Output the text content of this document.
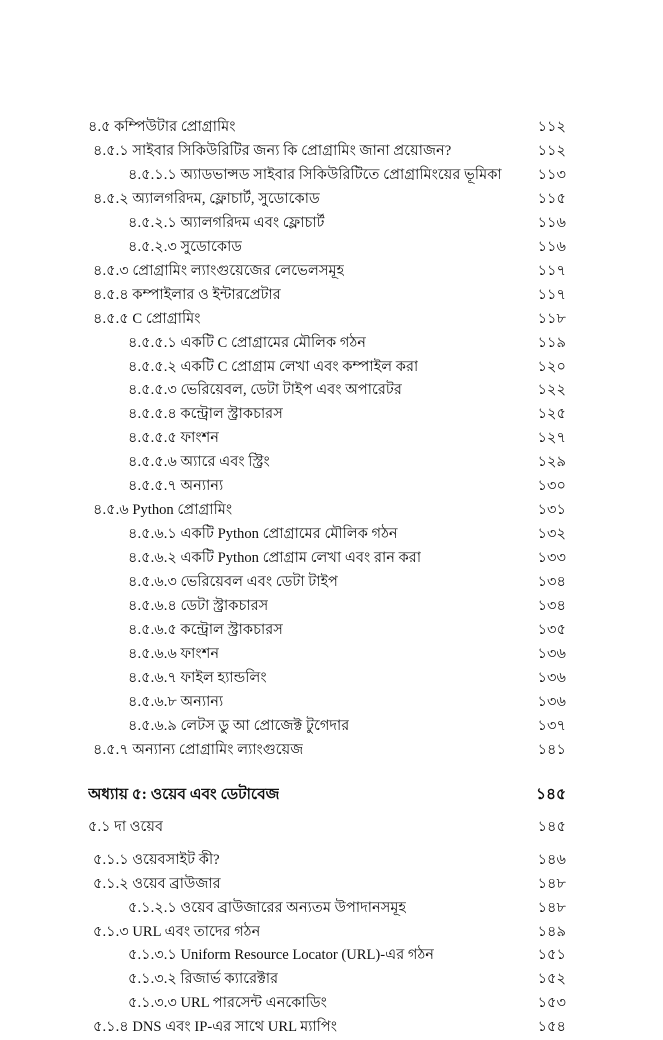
৪.৫ কম্পিউটার প্রোগ্রামিং	১১২
৪.৫.১ সাইবার সিকিউরিটির জন্য কি প্রোগ্রামিং জানা প্রয়োজন?	১১২
৪.৫.১.১ অ্যাডভান্সড সাইবার সিকিউরিটিতে প্রোগ্রামিংয়ের ভূমিকা	১১৩
৪.৫.২ অ্যালগরিদম, ফ্লোচার্ট, সুডোকোড	১১৫
৪.৫.২.১ অ্যালগরিদম এবং ফ্লোচার্ট	১১৬
৪.৫.২.৩ সুডোকোড	১১৬
৪.৫.৩ প্রোগ্রামিং ল্যাংগুয়েজের লেভেলসমূহ	১১৭
৪.৫.৪ কম্পাইলার ও ইন্টারপ্রেটার	১১৭
৪.৫.৫ C প্রোগ্রামিং	১১৮
৪.৫.৫.১ একটি C প্রোগ্রামের মৌলিক গঠন	১১৯
৪.৫.৫.২ একটি C প্রোগ্রাম লেখা এবং কম্পাইল করা	১২০
৪.৫.৫.৩ ভেরিয়েবল, ডেটা টাইপ এবং অপারেটর	১২২
৪.৫.৫.৪ কন্ট্রোল স্ট্রাকচারস	১২৫
৪.৫.৫.৫ ফাংশন	১২৭
৪.৫.৫.৬ অ্যারে এবং স্ট্রিং	১২৯
৪.৫.৫.৭ অন্যান্য	১৩০
৪.৫.৬ Python প্রোগ্রামিং	১৩১
৪.৫.৬.১ একটি Python প্রোগ্রামের মৌলিক গঠন	১৩২
৪.৫.৬.২ একটি Python প্রোগ্রাম লেখা এবং রান করা	১৩৩
৪.৫.৬.৩ ভেরিয়েবল এবং ডেটা টাইপ	১৩৪
৪.৫.৬.৪ ডেটা স্ট্রাকচারস	১৩৪
৪.৫.৬.৫ কন্ট্রোল স্ট্রাকচারস	১৩৫
৪.৫.৬.৬ ফাংশন	১৩৬
৪.৫.৬.৭ ফাইল হ্যান্ডলিং	১৩৬
৪.৫.৬.৮ অন্যান্য	১৩৬
৪.৫.৬.৯ লেটস ডু আ প্রোজেক্ট টুগেদার	১৩৭
৪.৫.৭ অন্যান্য প্রোগ্রামিং ল্যাংগুয়েজ	১৪১
অধ্যায় ৫: ওয়েব এবং ডেটাবেজ	১৪৫
৫.১ দা ওয়েব	১৪৫
৫.১.১ ওয়েবসাইট কী?	১৪৬
৫.১.২ ওয়েব ব্রাউজার	১৪৮
৫.১.২.১ ওয়েব ব্রাউজারের অন্যতম উপাদানসমূহ	১৪৮
৫.১.৩ URL এবং তাদের গঠন	১৪৯
৫.১.৩.১ Uniform Resource Locator (URL)-এর গঠন	১৫১
৫.১.৩.২ রিজার্ভ ক্যারেক্টার	১৫২
৫.১.৩.৩ URL পারসেন্ট এনকোডিং	১৫৩
৫.১.৪ DNS এবং IP-এর সাথে URL ম্যাপিং	১৫৪
